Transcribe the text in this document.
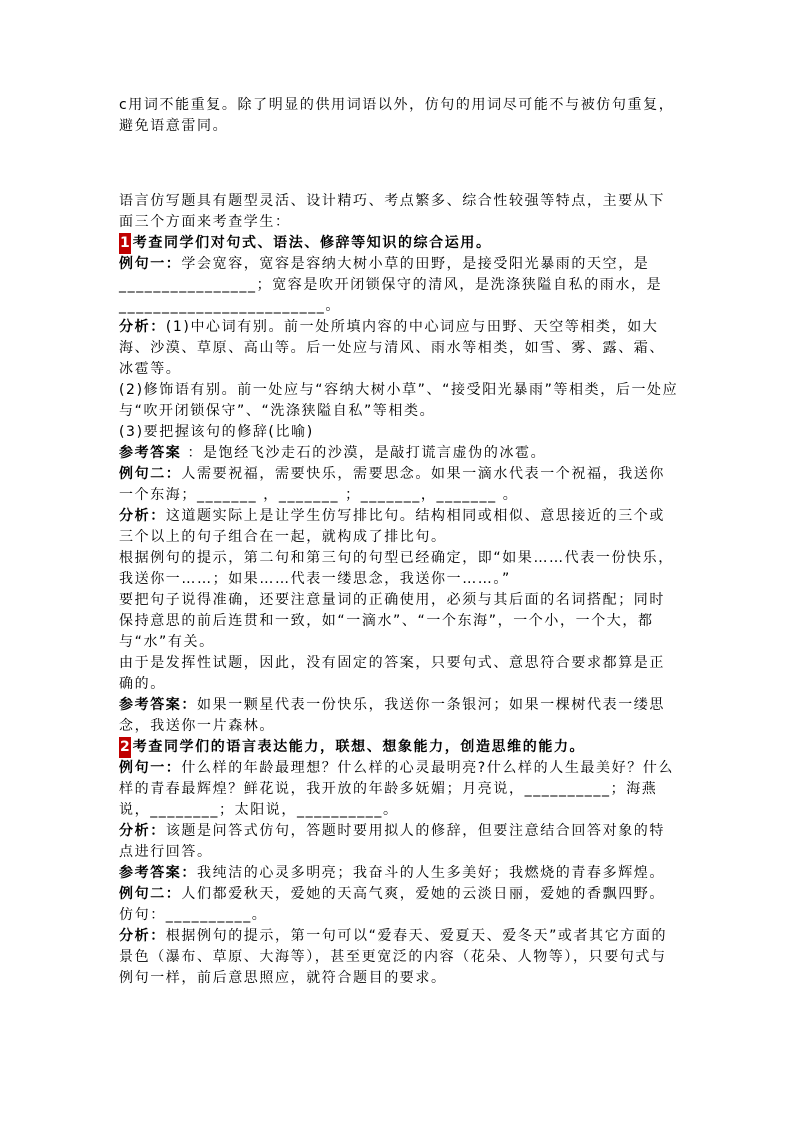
c用词不能重复。除了明显的供用词语以外，仿句的用词尽可能不与被仿句重复，避免语意雷同。

语言仿写题具有题型灵活、设计精巧、考点繁多、综合性较强等特点，主要从下面三个方面来考查学生：

1 考查同学们对句式、语法、修辞等知识的综合运用。

例句一：学会宽容，宽容是容纳大树小草的田野，是接受阳光暴雨的天空，是________________；宽容是吹开闭锁保守的清风，是洗涤狭隘自私的雨水，是________________________。

分析：(1)中心词有别。前一处所填内容的中心词应与田野、天空等相类，如大海、沙漠、草原、高山等。后一处应与清风、雨水等相类，如雪、雾、露、霜、冰雹等。

(2)修饰语有别。前一处应与“容纳大树小草”、“接受阳光暴雨”等相类，后一处应与“吹开闭锁保守”、“洗涤狭隘自私”等相类。

(3)要把握该句的修辞(比喻)

参考答案 ：是饱经飞沙走石的沙漠，是敲打谎言虚伪的冰雹。

例句二：人需要祝福，需要快乐，需要思念。如果一滴水代表一个祝福，我送你一个东海；_______ ，_______ ；_______，_______ 。

分析：这道题实际上是让学生仿写排比句。结构相同或相似、意思接近的三个或三个以上的句子组合在一起，就构成了排比句。

根据例句的提示，第二句和第三句的句型已经确定，即“如果……代表一份快乐，我送你一……；如果……代表一缕思念，我送你一……。”

要把句子说得准确，还要注意量词的正确使用，必须与其后面的名词搭配；同时保持意思的前后连贯和一致，如“一滴水”、“一个东海”，一个小，一个大，都与“水”有关。

由于是发挥性试题，因此，没有固定的答案，只要句式、意思符合要求都算是正确的。

参考答案：如果一颗星代表一份快乐，我送你一条银河；如果一棵树代表一缕思念，我送你一片森林。

2 考查同学们的语言表达能力，联想、想象能力，创造思维的能力。

例句一：什么样的年龄最理想？什么样的心灵最明亮?什么样的人生最美好？什么样的青春最辉煌？鲜花说，我开放的年龄多妩媚；月亮说，__________；海燕说，________；太阳说，__________。

分析：该题是问答式仿句，答题时要用拟人的修辞，但要注意结合回答对象的特点进行回答。

参考答案：我纯洁的心灵多明亮；我奋斗的人生多美好；我燃烧的青春多辉煌。

例句二：人们都爱秋天，爱她的天高气爽，爱她的云淡日丽，爱她的香飘四野。仿句：__________。

分析：根据例句的提示，第一句可以“爱春天、爱夏天、爱冬天”或者其它方面的景色（瀑布、草原、大海等），甚至更宽泛的内容（花朵、人物等），只要句式与例句一样，前后意思照应，就符合题目的要求。
